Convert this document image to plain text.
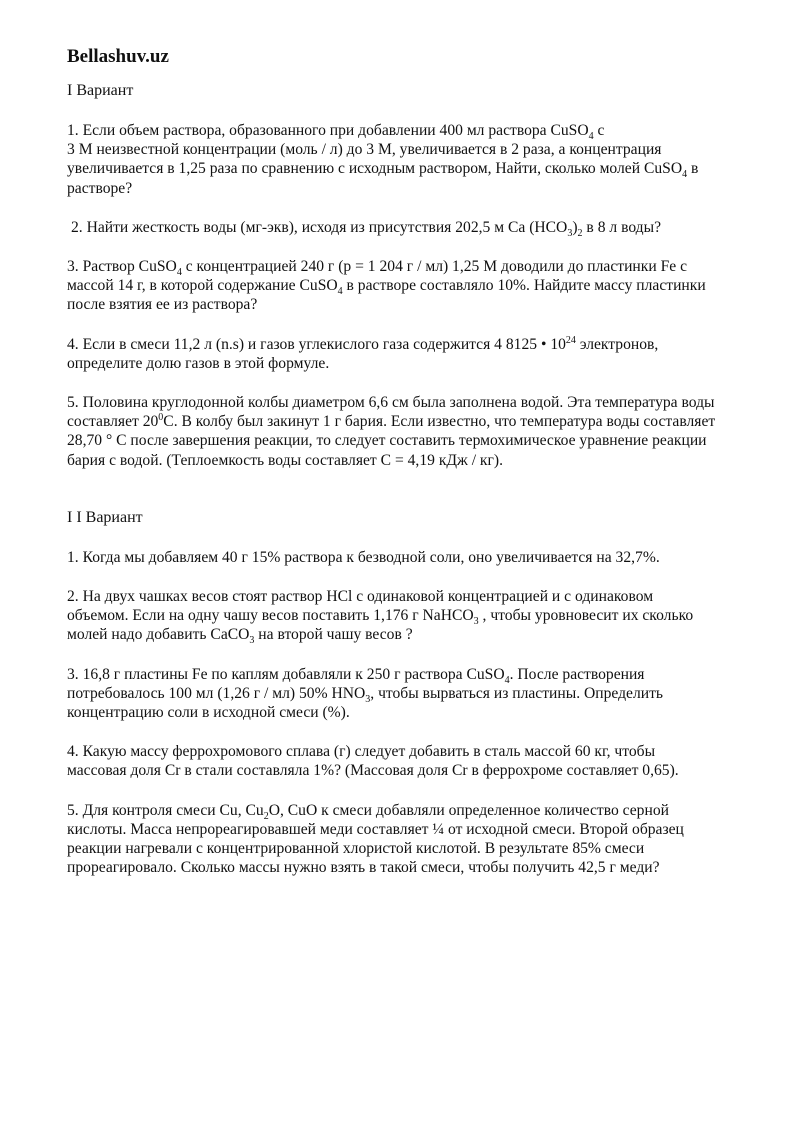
Bellashuv.uz
I Вариант
1. Если объем раствора, образованного при добавлении 400 мл раствора CuSO$_4$ с
3 М неизвестной концентрации (моль / л) до 3 М, увеличивается в 2 раза, а концентрация
увеличивается в 1,25 раза по сравнению с исходным раствором, Найти, сколько молей CuSO$_4$ в
растворе?
2. Найти жесткость воды (мг-экв), исходя из присутствия 202,5 м Ca $(HCO_3)_2$ в 8 л воды?
3. Раствор CuSO$_4$ с концентрацией 240 г (p = 1 204 г / мл) 1,25 М доводили до пластинки Fe с
массой 14 г, в которой содержание CuSO$_4$ в растворе составляло 10%. Найдите массу пластинки
после взятия ее из раствора?
4. Если в смеси 11,2 л (n.s) и газов углекислого газа содержится 4 8125 • $10^{24}$ электронов,
определите долю газов в этой формуле.
5. Половина круглодонной колбы диаметром 6,6 см была заполнена водой. Эта температура воды
составляет $20^0С$. В колбу был закинут 1 г бария. Если известно, что температура воды составляет
28,70 ° С после завершения реакции, то следует составить термохимическое уравнение реакции
бария с водой. (Теплоемкость воды составляет С = 4,19 кДж / кг).
I I Вариант
1. Когда мы добавляем 40 г 15% раствора к безводной соли, оно увеличивается на 32,7%.
2. На двух чашках весов стоят раствор HCl с одинаковой концентрацией и с одинаковом
объемом. Если на одну чашу весов поставить 1,176 г NaHCO$_3$ , чтобы уровновесит их сколько
молей надо добавить CaCO$_3$ на второй чашу весов ?
3. 16,8 г пластины Fe по каплям добавляли к 250 г раствора CuSO$_4$. После растворения
потребовалось 100 мл (1,26 г / мл) 50% $HNO_3$, чтобы вырваться из пластины. Определить
концентрацию соли в исходной смеси (%).
4. Какую массу феррохромового сплава (г) следует добавить в сталь массой 60 кг, чтобы
массовая доля Cr в стали составляла 1%? (Массовая доля Cr в феррохроме составляет 0,65).
5. Для контроля смеси Cu, $Cu_2O$, CuO к смеси добавляли определенное количество серной
кислоты. Масса непрореагировавшей меди составляет ¼ от исходной смеси. Второй образец
реакции нагревали с концентрированной хлористой кислотой. В результате 85% смеси
прореагировало. Сколько массы нужно взять в такой смеси, чтобы получить 42,5 г меди?
